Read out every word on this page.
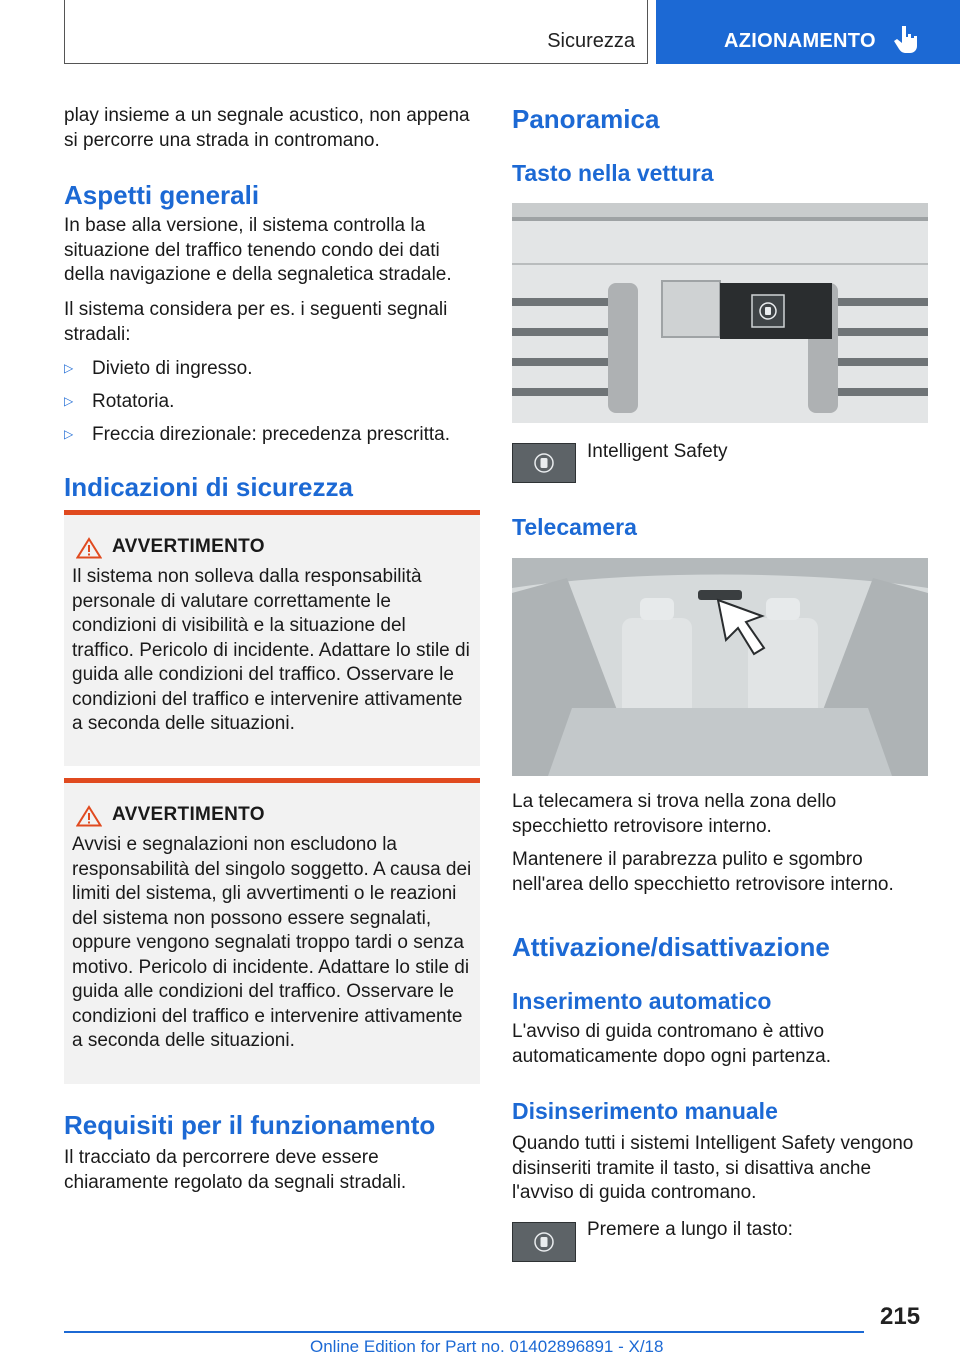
Sicurezza	AZIONAMENTO

play insieme a un segnale acustico, non appena si percorre una strada in contromano.

Aspetti generali

In base alla versione, il sistema controlla la situazione del traffico tenendo condo dei dati della navigazione e della segnaletica stradale.

Il sistema considera per es. i seguenti segnali stradali:

▷ Divieto di ingresso.
▷ Rotatoria.
▷ Freccia direzionale: precedenza prescritta.
Indicazioni di sicurezza

AVVERTIMENTO

Il sistema non solleva dalla responsabilità personale di valutare correttamente le condizioni di visibilità e la situazione del traffico. Pericolo di incidente. Adattare lo stile di guida alle condizioni del traffico. Osservare le condizioni del traffico e intervenire attivamente a seconda delle situazioni.

AVVERTIMENTO

Avvisi e segnalazioni non escludono la responsabilità del singolo soggetto. A causa dei limiti del sistema, gli avvertimenti o le reazioni del sistema non possono essere segnalati, oppure vengono segnalati troppo tardi o senza motivo. Pericolo di incidente. Adattare lo stile di guida alle condizioni del traffico. Osservare le condizioni del traffico e intervenire attivamente a seconda delle situazioni.

Requisiti per il funzionamento

Il tracciato da percorrere deve essere chiaramente regolato da segnali stradali.

Panoramica
Tasto nella vettura

Intelligent Safety

Telecamera

La telecamera si trova nella zona dello specchietto retrovisore interno.

Mantenere il parabrezza pulito e sgombro nell'area dello specchietto retrovisore interno.

Attivazione/disattivazione
Inserimento automatico

L'avviso di guida contromano è attivo automaticamente dopo ogni partenza.

Disinserimento manuale

Quando tutti i sistemi Intelligent Safety vengono disinseriti tramite il tasto, si disattiva anche l'avviso di guida contromano.

Premere a lungo il tasto:

215
Online Edition for Part no. 01402896891 - X/18
